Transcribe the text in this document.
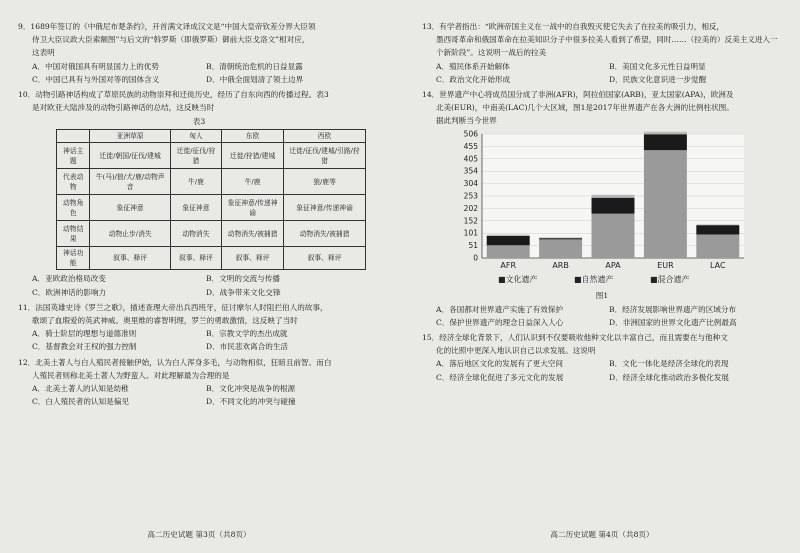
9．1689年签订的《中俄尼布楚条约》，开首满文译成汉文是“中国大皇帝钦差分界大臣领

侍卫大臣议政大臣索额图”与后文的“斡罗斯（即俄罗斯）御前大臣戈洛文”相对应，

这表明

A．中国对俄国具有明显国力上的优势	B．清朝统治危机的日益显露
C．中国已具有与外国对等的国体含义	D．中俄全面划清了领土边界

10．动物引路神话构成了草原民族的动物崇拜和迁徙历史，经历了自东向西的传播过程。表3

是对欧亚大陆涉及的动物引路神话的总结，这反映当时

表3
	亚洲草原	匈人	东欧	西欧
神话主题	迁徙/朝国/征伐/建城	迁徙/征伐/狩猎	迁徙/狩猎/建城	迁徙/征伐/建城/引路/狩猎
代表动物	牛(马)/狼/犬/鹿/动物声音	牛/鹿	牛/鹿	狼/鹿等
动物角色	象征神意	象征神意	象征神意/传递神谕	象征神意/传递神谕
动物结果	动物止步/消失	动物消失	动物消失/被捕猎	动物消失/被捕猎
神话功能	叙事、释评	叙事、释评	叙事、释评	叙事、释评
A．亚欧政治格局改变	B．文明的交流与传播
C．欧洲神话的影响力	D．战争带来文化交锋

11．法国英雄史诗《罗兰之歌》，描述查理大帝出兵西班牙，征讨摩尔人时阻拦伯人的故事，

歌颂了血瑕爱的英武神威。奥里维的睿智明理，罗兰的勇敢激情，这反映了当时

A．骑士阶层的理想与道德准则	B．宗教文学的杰出成就
C．基督教会对王权的强力控制	D．市民悲欢离合的生活

12．北美土著人与白人殖民者接触伊始，认为白人浑身多毛，与动物相似，狂暗且前智。而白

人殖民者则称北美土著人为野蛮人。对此理解最为合理的是

A．北美土著人的认知是幼稚	B．文化冲突是战争的根源
C．白人殖民者的认知是偏见	D．不同文化的冲突与碰撞
高二历史试题 第3页（共8页）

13．有学者指出：“欧洲帝国主义在一战中的自我毁灭使它失去了在拉美的吸引力，相反，

墨西哥革命和俄国革命在拉美知识分子中很多拉美人看到了希望，同时……（拉美的）反美主义进入一

个新阶段”。这说明一战后的拉美

A．殖民体系开始解体	B．美国文化多元性日益明显
C．政治文化开始形成	D．民族文化意识进一步觉醒

14．世界遗产中心将成员国分成了非洲(AFR)，阿拉伯国家(ARB)，亚太国家(APA)，欧洲及

北美(EUR)，中南美(LAC)几个大区域，图1是2017年世界遗产在各大洲的比例柱状图。

据此判断当今世界

0
51
101
152
202
253
304
354
405
455
506
AFR	ARB	APA	EUR	LAC
■文化遗产	■自然遗产	■混合遗产
图1
A．各国都对世界遗产实施了有效保护	B．经济发展影响世界遗产的区域分布
C．保护世界遗产的理念日益深入人心	D．非洲国家的世界文化遗产比例最高

15．经济全球化背景下，人们认识到不仅要吸收他种文化以丰富自己，而且需要在与他种文

化的比照中更深入地认识自己以求发展。这说明

A．落后地区文化的发展有了更大空间	B．文化一体化是经济全球化的表现
C．经济全球化促进了多元文化的发展	D．经济全球化推动政治多极化发展
高二历史试题 第4页（共8页）
